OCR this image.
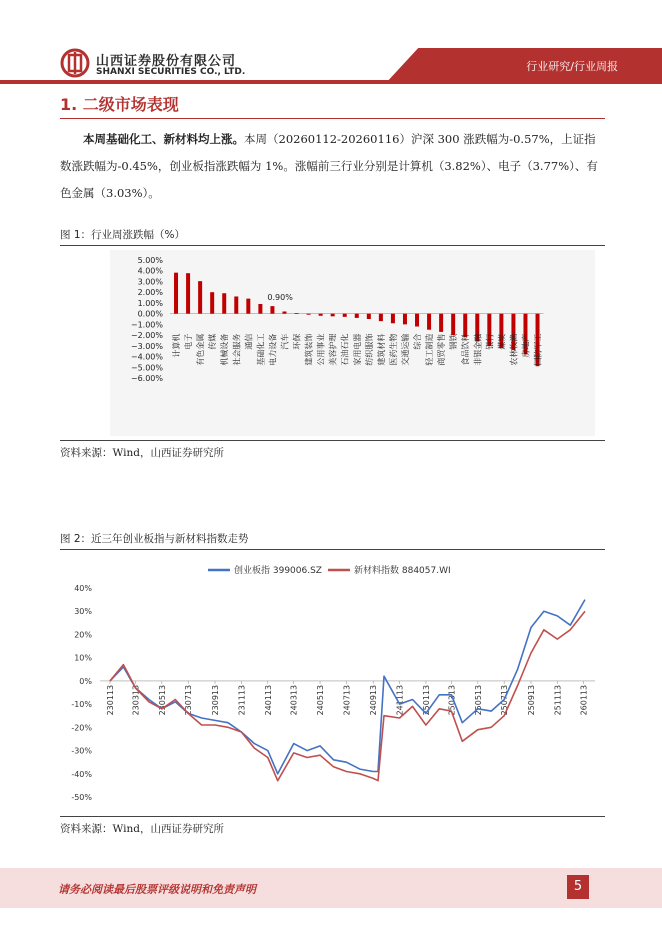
山西证券股份有限公司
SHANXI SECURITIES CO., LTD.	行业研究/行业周报
1. 二级市场表现
本周基础化工、新材料均上涨。本周（20260112-20260116）沪深 300 涨跌幅为-0.57%，上证指数涨跌幅为-0.45%，创业板指涨跌幅为 1%。涨幅前三行业分别是计算机（3.82%）、电子（3.77%）、有色金属（3.03%）。
图 1：行业周涨跌幅（%）
5.00%
4.00%
3.00%
2.00%
1.00%
0.00%
−1.00%
−2.00%
−3.00%
−4.00%
−5.00%
−6.00%
计算机 电子 有色金属 传媒 机械设备 社会服务 通信 基础化工
0.90%
电力设备 汽车 环保 建筑装饰 公用事业 美容护理 石油石化 家用电器 纺织服饰 建筑材料 医药生物 交通运输 综合 轻工制造 商贸零售 钢铁 食品饮料 非银金融 银行 煤炭 农林牧渔 房地产 国防军工
资料来源：Wind，山西证券研究所
图 2：近三年创业板指与新材料指数走势
40%
30%
20%
10%
0%
-10%
-20%
-30%
-40%
-50%
230113 230313 230513 230713 230913 231113 240113 240313 240513 240713 240913 241113 250113 250313 250513 250713 250913 251113 260113
创业板指 399006.SZ	新材料指数 884057.WI
资料来源：Wind，山西证券研究所
请务必阅读最后股票评级说明和免责声明	5
